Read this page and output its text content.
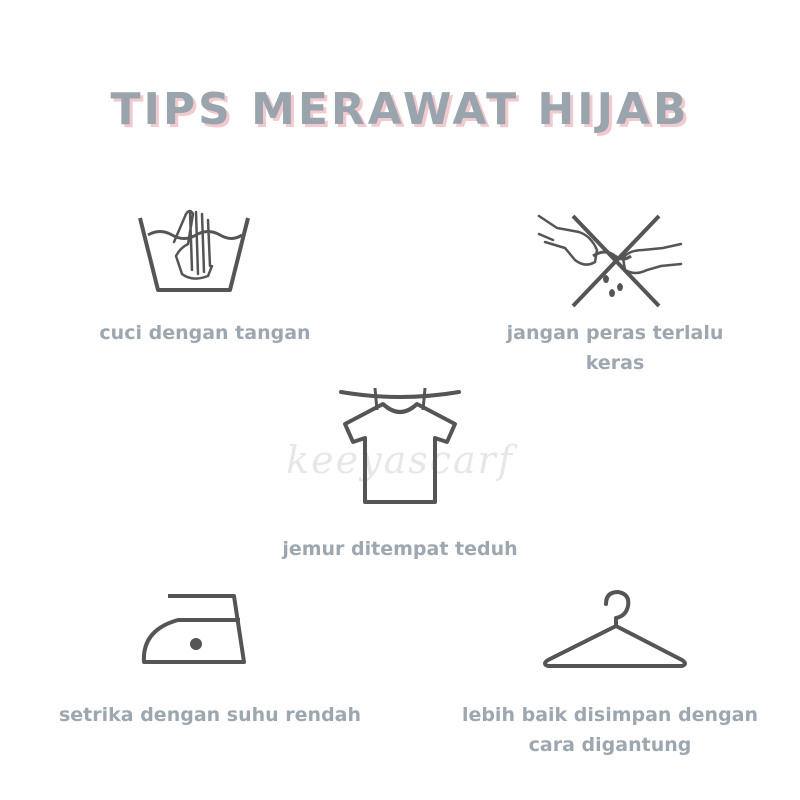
TIPS MERAWAT HIJAB
keeyascarf
cuci dengan tangan	jangan peras terlalu
keras
jemur ditempat teduh
setrika dengan suhu rendah	lebih baik disimpan dengan
cara digantung
